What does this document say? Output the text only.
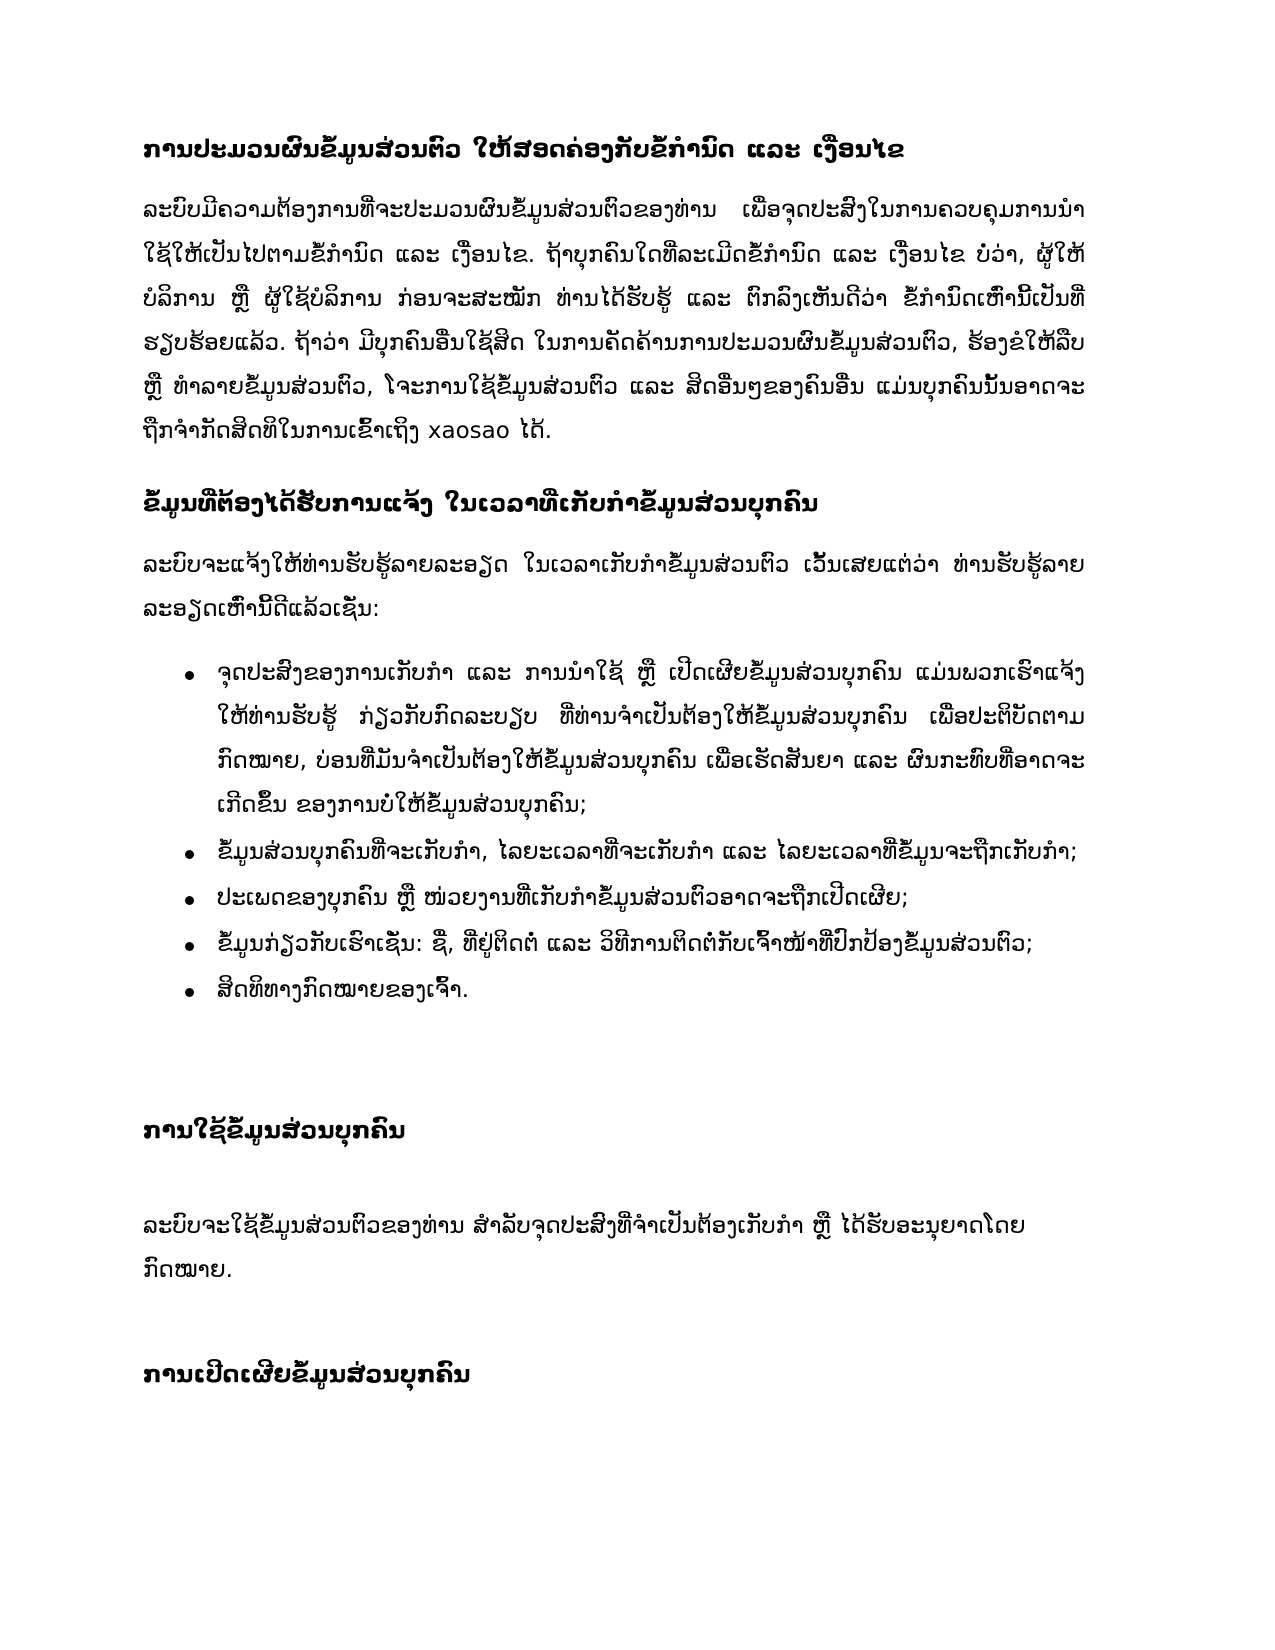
ການປະມວນຜົນຂໍ້ມູນສ່ວນຕົວ ໃຫ້ສອດຄ່ອງກັບຂໍ້ກຳນົດ ແລະ ເງື່ອນໄຂ

ລະບົບມີຄວາມຕ້ອງການທີ່ຈະປະມວນຜົນຂໍ້ມູນສ່ວນຕົວຂອງທ່ານ ເພື່ອຈຸດປະສົງໃນການຄວບຄຸມການນຳໃຊ້ໃຫ້ເປັນໄປຕາມຂໍ້ກຳນົດ ແລະ ເງື່ອນໄຂ. ຖ້າບຸກຄົນໃດທີ່ລະເມີດຂໍ້ກຳນົດ ແລະ ເງື່ອນໄຂ ບໍ່ວ່າ, ຜູ້ໃຫ້ບໍລິການ ຫຼື ຜູ້ໃຊ້ບໍລິການ ກ່ອນຈະສະໝັກ ທ່ານໄດ້ຮັບຮູ້ ແລະ ຕົກລົງເຫັນດີວ່າ ຂໍ້ກຳນົດເຫົ່ານີ້ເປັນທີ່ຮຽບຮ້ອຍແລ້ວ. ຖ້າວ່າ ມີບຸກຄົນອື່ນໃຊ້ສິດ ໃນການຄັດຄ້ານການປະມວນຜົນຂໍ້ມູນສ່ວນຕົວ, ຮ້ອງຂໍໃຫ້ລືບ ຫຼື ທຳລາຍຂໍ້ມູນສ່ວນຕົວ, ໂຈະການໃຊ້ຂໍ້ມູນສ່ວນຕົວ ແລະ ສິດອື່ນໆຂອງຄົນອື່ນ ແມ່ນບຸກຄົນນັ້ນອາດຈະຖືກຈຳກັດສິດທິໃນການເຂົ້າເຖິງ xaosao ໄດ້.

ຂໍ້ມູນທີ່ຕ້ອງໄດ້ຮັບການແຈ້ງ ໃນເວລາທີ່ເກັບກຳຂໍ້ມູນສ່ວນບຸກຄົນ

ລະບົບຈະແຈ້ງໃຫ້ທ່ານຮັບຮູ້ລາຍລະອຽດ ໃນເວລາເກັບກຳຂໍ້ມູນສ່ວນຕົວ ເວັ້ນເສຍແຕ່ວ່າ ທ່ານຮັບຮູ້ລາຍລະອຽດເຫົ່ານີ້ດີແລ້ວເຊັ່ນ:

ຈຸດປະສົງຂອງການເກັບກຳ ແລະ ການນຳໃຊ້ ຫຼື ເປີດເຜີຍຂໍ້ມູນສ່ວນບຸກຄົນ ແມ່ນພວກເຮົາແຈ້ງໃຫ້ທ່ານຮັບຮູ້ ກ່ຽວກັບກົດລະບຽບ ທີ່ທ່ານຈຳເປັນຕ້ອງໃຫ້ຂໍ້ມູນສ່ວນບຸກຄົນ ເພື່ອປະຕິບັດຕາມກົດໝາຍ, ບ່ອນທີ່ມັນຈຳເປັນຕ້ອງໃຫ້ຂໍ້ມູນສ່ວນບຸກຄົນ ເພື່ອເຮັດສັນຍາ ແລະ ຜົນກະທົບທີ່ອາດຈະເກີດຂຶ້ນ ຂອງການບໍ່ໃຫ້ຂໍ້ມູນສ່ວນບຸກຄົນ;
ຂໍ້ມູນສ່ວນບຸກຄົນທີ່ຈະເກັບກຳ, ໄລຍະເວລາທີ່ຈະເກັບກຳ ແລະ ໄລຍະເວລາທີ່ຂໍ້ມູນຈະຖືກເກັບກຳ;
ປະເພດຂອງບຸກຄົນ ຫຼື ໜ່ວຍງານທີ່ເກັບກຳຂໍ້ມູນສ່ວນຕົວອາດຈະຖືກເປີດເຜີຍ;
ຂໍ້ມູນກ່ຽວກັບເຮົາເຊັ່ນ: ຊື່, ທີ່ຢູ່ຕິດຕໍ່ ແລະ ວິທີການຕິດຕໍ່ກັບເຈົ້າໜ້າທີ່ປົກປ້ອງຂໍ້ມູນສ່ວນຕົວ;
ສິດທິທາງກົດໝາຍຂອງເຈົ້າ.
ການໃຊ້ຂໍ້ມູນສ່ວນບຸກຄົນ

ລະບົບຈະໃຊ້ຂໍ້ມູນສ່ວນຕົວຂອງທ່ານ ສຳລັບຈຸດປະສົງທີ່ຈຳເປັນຕ້ອງເກັບກຳ ຫຼື ໄດ້ຮັບອະນຸຍາດໂດຍກົດໝາຍ.

ການເປີດເຜີຍຂໍ້ມູນສ່ວນບຸກຄົນ
